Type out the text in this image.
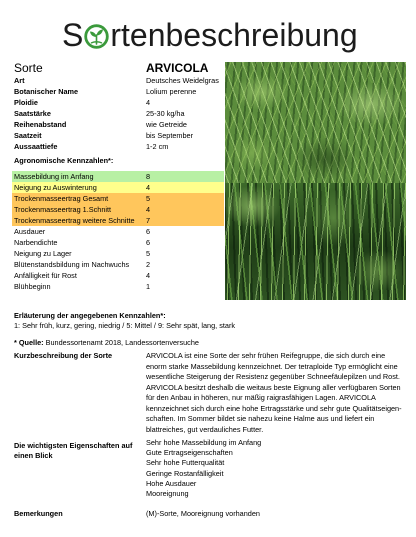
S rtenbeschreibung
Sorte	ARVICOLA
Art	Deutsches Weidelgras
Botanischer Name	Lolium perenne
Ploidie	4
Saatstärke	25-30 kg/ha
Reihenabstand	wie Getreide
Saatzeit	bis September
Aussaattiefe	1-2 cm
Agronomische Kennzahlen*:
Massebildung im Anfang	8
Neigung zu Auswinterung	4
Trockenmasseertrag Gesamt	5
Trockenmasseertrag 1.Schnitt	4
Trockenmasseertrag weitere Schnitte 7
Ausdauer	6
Narbendichte	6
Neigung zu Lager	5
Blütenstandsbildung im Nachwuchs 2
Anfälligkeit für Rost	4
Blühbeginn	1
Erläuterung der angegebenen Kennzahlen*:
1: Sehr früh, kurz, gering, niedrig / 5: Mittel / 9: Sehr spät, lang, stark
* Quelle: Bundessortenamt 2018, Landessortenversuche
Kurzbeschreibung der Sorte	ARVICOLA ist eine Sorte der sehr frühen Reifegruppe, die sich durch eine
enorm starke Massebildung kennzeichnet. Der tetraploide Typ ermöglicht eine
wesentliche Steigerung der Resistenz gegenüber Schneefäulepilzen und Rost.
ARVICOLA besitzt deshalb die weitaus beste Eignung aller verfügbaren Sorten
für den Anbau in höheren, nur mäßig raigrasfähigen Lagen. ARVICOLA
kennzeichnet sich durch eine hohe Ertragsstärke und sehr gute Qualitätseigen-
schaften. Im Sommer bildet sie nahezu keine Halme aus und liefert ein
blattreiches, gut verdauliches Futter.
Die wichtigsten Eigenschaften auf einen Blick
Sehr hohe Massebildung im Anfang
Gute Ertragseigenschaften
Sehr hohe Futterqualität
Geringe Rostanfälligkeit
Hohe Ausdauer
Mooreignung
Bemerkungen	(M)-Sorte, Mooreignung vorhanden
